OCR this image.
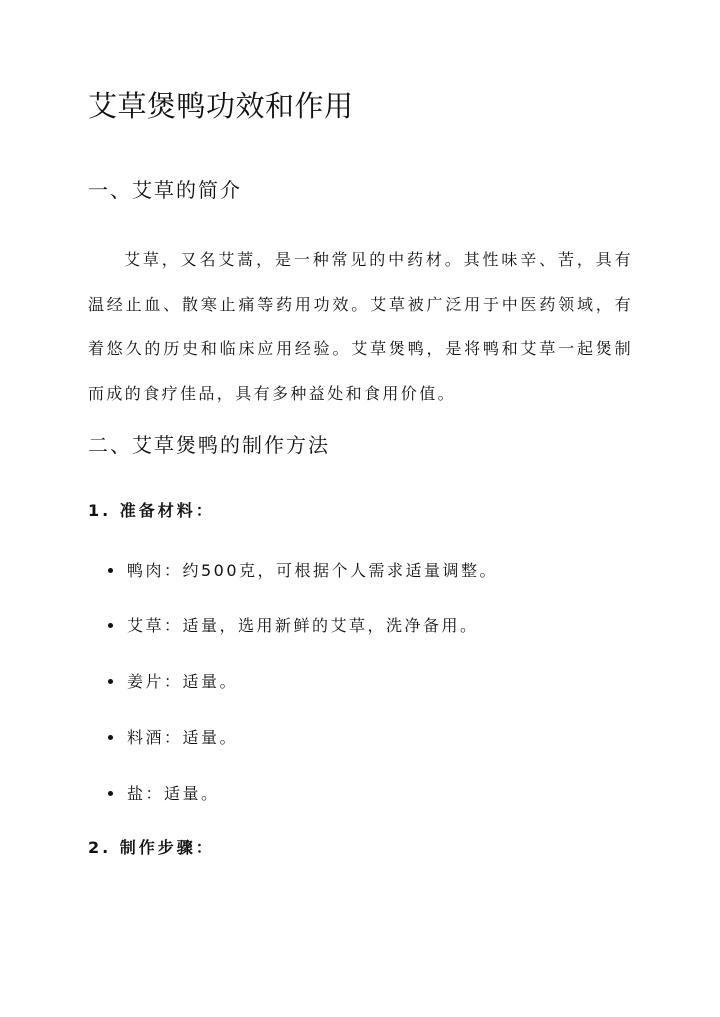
艾草煲鸭功效和作用
一、艾草的简介

艾草，又名艾蒿，是一种常见的中药材。其性味辛、苦，具有温经止血、散寒止痛等药用功效。艾草被广泛用于中医药领域，有着悠久的历史和临床应用经验。艾草煲鸭，是将鸭和艾草一起煲制而成的食疗佳品，具有多种益处和食用价值。

二、艾草煲鸭的制作方法
1. 准备材料：
鸭肉：约500克，可根据个人需求适量调整。
艾草：适量，选用新鲜的艾草，洗净备用。
姜片：适量。
料酒：适量。
盐：适量。
2. 制作步骤：
